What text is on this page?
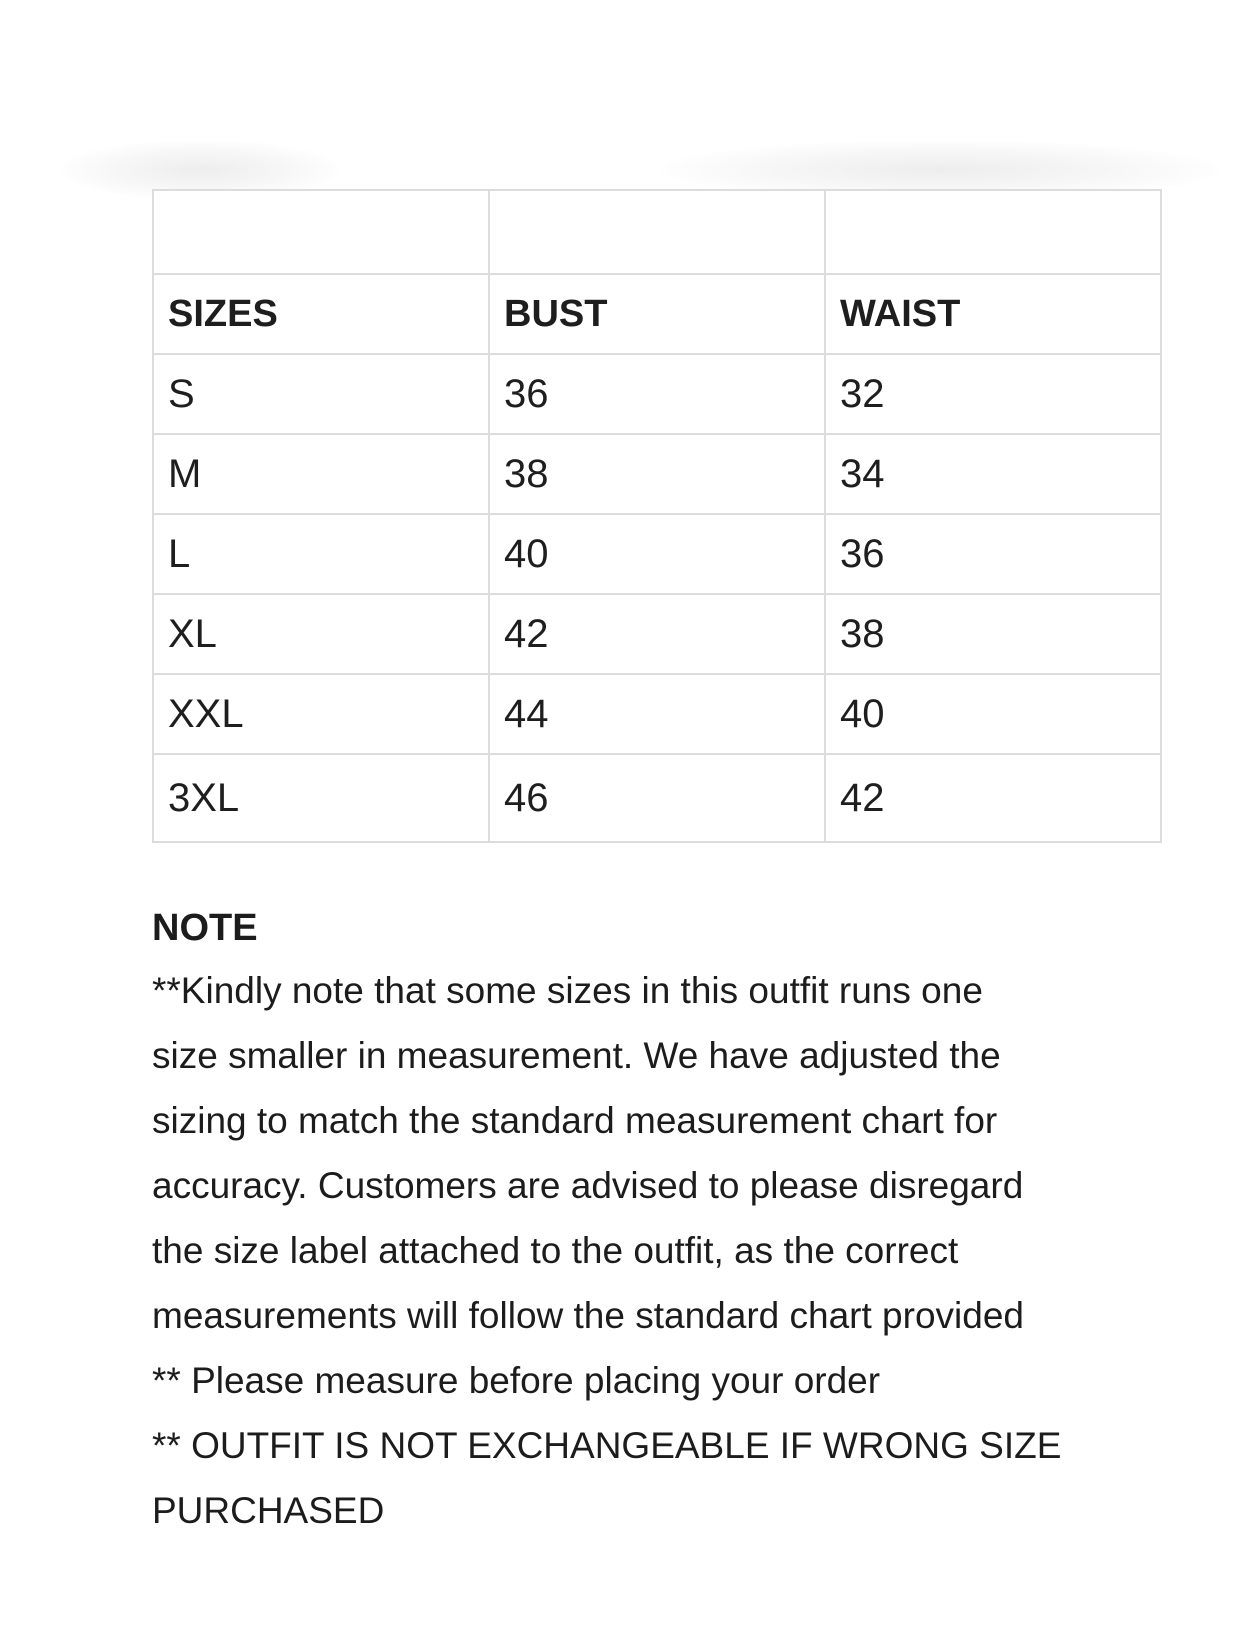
SIZES	BUST	WAIST
S	36	32
M	38	34
L	40	36
XL	42	38
XXL	44	40
3XL	46	42
NOTE
**Kindly note that some sizes in this outfit runs one
size smaller in measurement. We have adjusted the
sizing to match the standard measurement chart for
accuracy. Customers are advised to please disregard
the size label attached to the outfit, as the correct
measurements will follow the standard chart provided
** Please measure before placing your order
** OUTFIT IS NOT EXCHANGEABLE IF WRONG SIZE
PURCHASED
